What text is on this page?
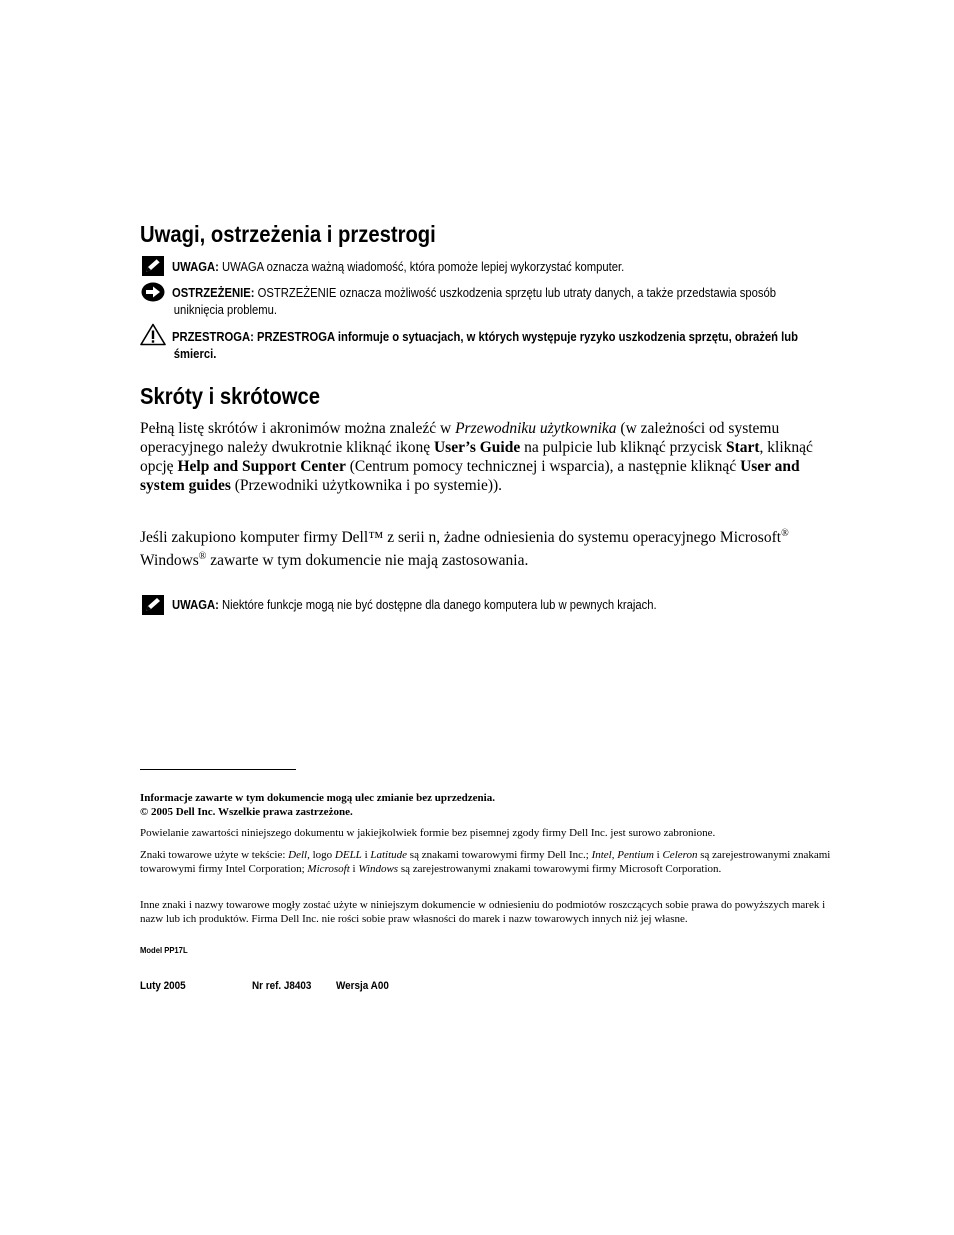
Uwagi, ostrzeżenia i przestrogi
UWAGA: UWAGA oznacza ważną wiadomość, która pomoże lepiej wykorzystać komputer.
OSTRZEŻENIE: OSTRZEŻENIE oznacza możliwość uszkodzenia sprzętu lub utraty danych, a także przedstawia sposób
uniknięcia problemu.
PRZESTROGA: PRZESTROGA informuje o sytuacjach, w których występuje ryzyko uszkodzenia sprzętu, obrażeń lub
śmierci.
Skróty i skrótowce
Pełną listę skrótów i akronimów można znaleźć w Przewodniku użytkownika (w zależności od systemu operacyjnego należy dwukrotnie kliknąć ikonę User’s Guide na pulpicie lub kliknąć przycisk Start, kliknąć opcję Help and Support Center (Centrum pomocy technicznej i wsparcia), a następnie kliknąć User and system guides (Przewodniki użytkownika i po systemie)).
Jeśli zakupiono komputer firmy Dell™ z serii n, żadne odniesienia do systemu operacyjnego Microsoft® Windows® zawarte w tym dokumencie nie mają zastosowania.
UWAGA: Niektóre funkcje mogą nie być dostępne dla danego komputera lub w pewnych krajach.
Informacje zawarte w tym dokumencie mogą ulec zmianie bez uprzedzenia.
© 2005 Dell Inc. Wszelkie prawa zastrzeżone.
Powielanie zawartości niniejszego dokumentu w jakiejkolwiek formie bez pisemnej zgody firmy Dell Inc. jest surowo zabronione.
Znaki towarowe użyte w tekście: Dell, logo DELL i Latitude są znakami towarowymi firmy Dell Inc.; Intel, Pentium i Celeron są zarejestrowanymi znakami towarowymi firmy Intel Corporation; Microsoft i Windows są zarejestrowanymi znakami towarowymi firmy Microsoft Corporation.
Inne znaki i nazwy towarowe mogły zostać użyte w niniejszym dokumencie w odniesieniu do podmiotów roszczących sobie prawa do powyższych marek i nazw lub ich produktów. Firma Dell Inc. nie rości sobie praw własności do marek i nazw towarowych innych niż jej własne.
Model PP17L
Luty 2005	Nr ref. J8403 Wersja A00
